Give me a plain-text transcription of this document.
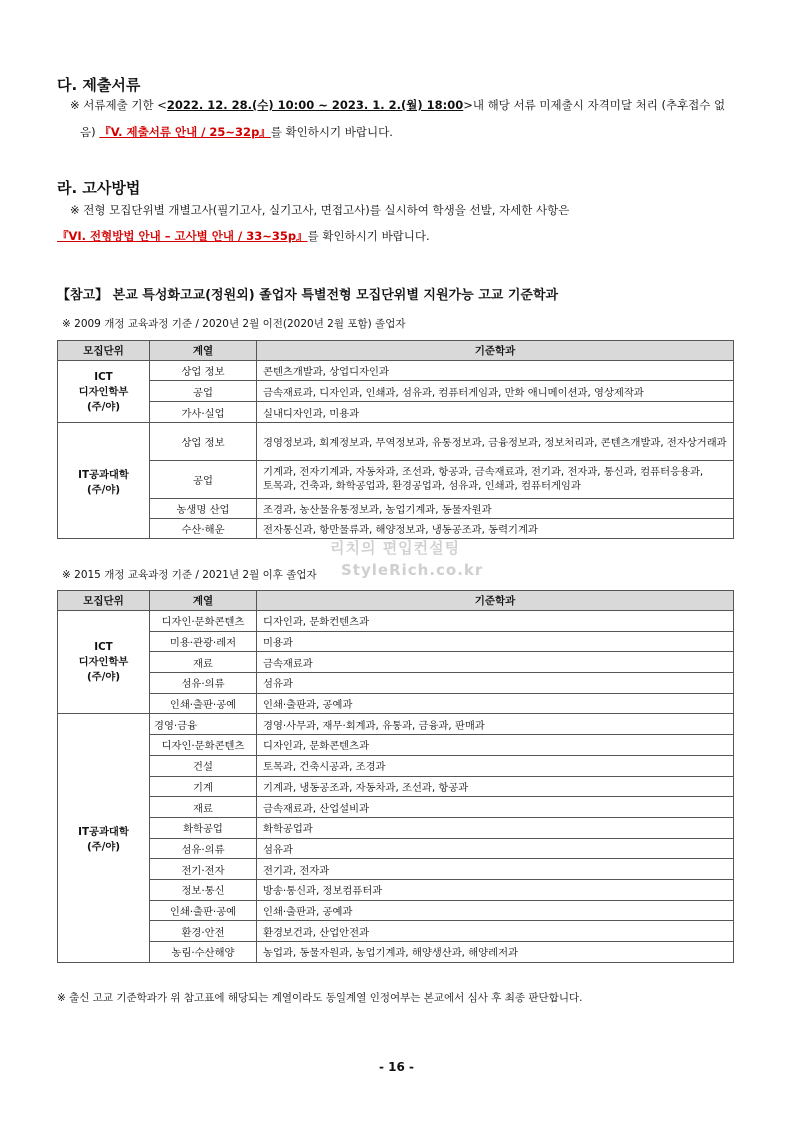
다. 제출서류
※ 서류제출 기한 <2022. 12. 28.(수) 10:00 ~ 2023. 1. 2.(월) 18:00>내 해당 서류 미제출시 자격미달 처리 (추후접수 없
음) 『V. 제출서류 안내 / 25~32p』를 확인하시기 바랍니다.
라. 고사방법
※ 전형 모집단위별 개별고사(필기고사, 실기고사, 면접고사)를 실시하여 학생을 선발, 자세한 사항은
『VI. 전형방법 안내 – 고사별 안내 / 33~35p』를 확인하시기 바랍니다.
【참고】 본교 특성화고교(정원외) 졸업자 특별전형 모집단위별 지원가능 고교 기준학과
※ 2009 개정 교육과정 기준 / 2020년 2월 이전(2020년 2월 포함) 졸업자
모집단위	계열	기준학과
ICT
디자인학부
(주/야)	상업 정보	콘텐츠개발과, 상업디자인과
	공업	금속재료과, 디자인과, 인쇄과, 섬유과, 컴퓨터게임과, 만화 애니메이션과, 영상제작과
	가사·실업	실내디자인과, 미용과
IT공과대학
(주/야)	상업 정보	경영정보과, 회계정보과, 무역정보과, 유통정보과, 금융정보과, 정보처리과, 콘텐츠개발과, 전자상거래과
	공업	기계과, 전자기계과, 자동차과, 조선과, 항공과, 금속재료과, 전기과, 전자과, 통신과, 컴퓨터응용과,
토목과, 건축과, 화학공업과, 환경공업과, 섬유과, 인쇄과, 컴퓨터게임과
	농생명 산업	조경과, 농산물유통정보과, 농업기계과, 동물자원과
	수산·해운	전자통신과, 항만물류과, 해양정보과, 냉동공조과, 동력기계과
리치의 편입컨설팅
StyleRich.co.kr
※ 2015 개정 교육과정 기준 / 2021년 2월 이후 졸업자
모집단위	계열	기준학과
ICT
디자인학부
(주/야)	디자인·문화콘텐츠	디자인과, 문화컨텐츠과
	미용·관광·레저	미용과
	재료	금속재료과
	섬유·의류	섬유과
	인쇄·출판·공예	인쇄·출판과, 공예과
IT공과대학
(주/야)	경영·금융	경영·사무과, 재무·회계과, 유통과, 금융과, 판매과
	디자인·문화콘텐츠	디자인과, 문화콘텐츠과
	건설	토목과, 건축시공과, 조경과
	기계	기계과, 냉동공조과, 자동차과, 조선과, 항공과
	재료	금속재료과, 산업설비과
	화학공업	화학공업과
	섬유·의류	섬유과
	전기·전자	전기과, 전자과
	정보·통신	방송·통신과, 정보컴퓨터과
	인쇄·출판·공예	인쇄·출판과, 공예과
	환경·안전	환경보건과, 산업안전과
	농림·수산해양	농업과, 동물자원과, 농업기계과, 해양생산과, 해양레저과
※ 출신 고교 기준학과가 위 참고표에 해당되는 계열이라도 동일계열 인정여부는 본교에서 심사 후 최종 판단합니다.
- 16 -
